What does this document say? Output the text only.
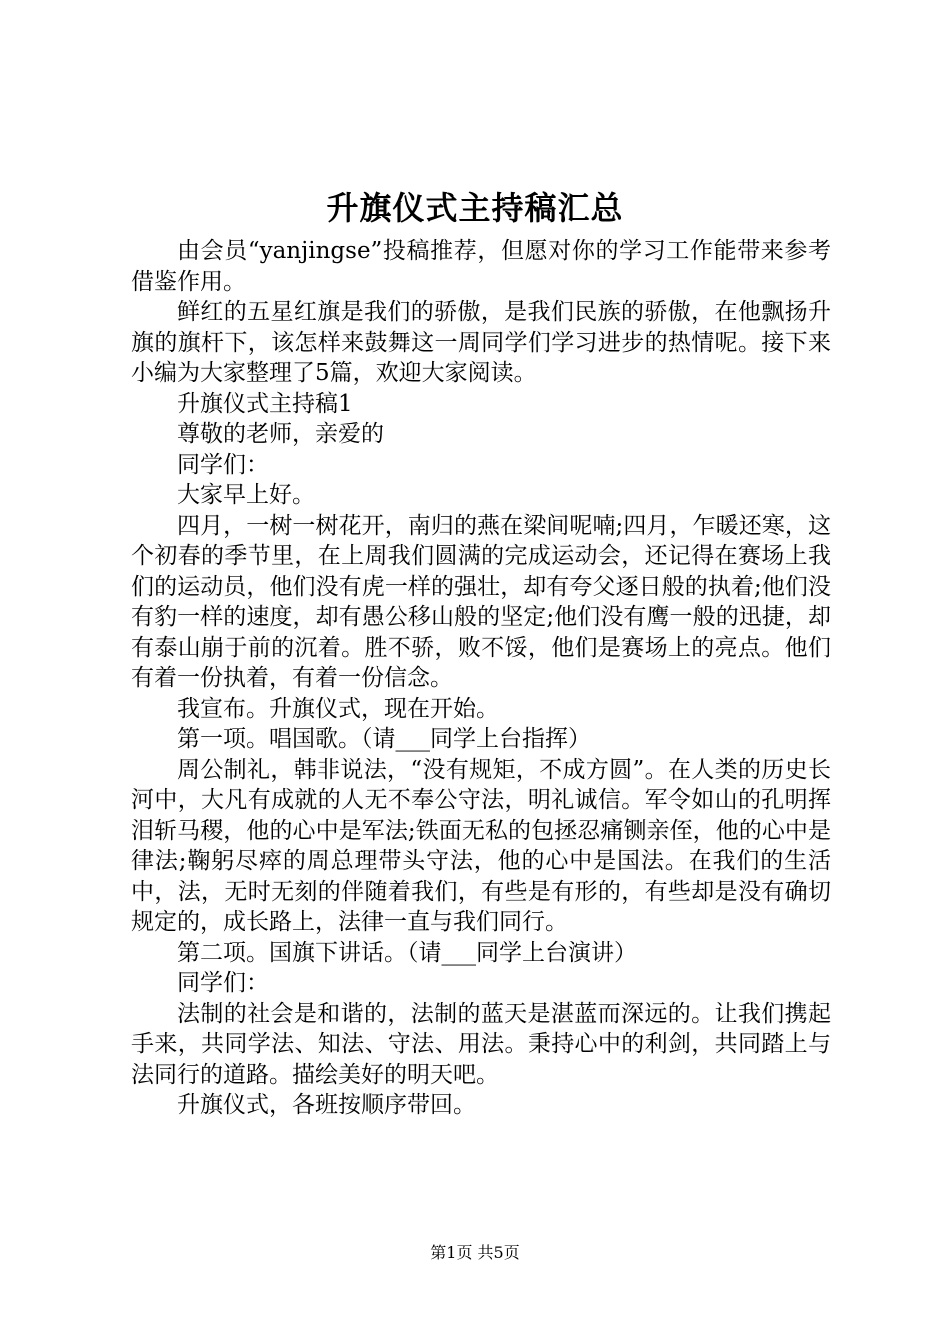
升旗仪式主持稿汇总

由会员“yanjingse”投稿推荐，但愿对你的学习工作能带来参考借鉴作用。

鲜红的五星红旗是我们的骄傲，是我们民族的骄傲，在他飘扬升旗的旗杆下，该怎样来鼓舞这一周同学们学习进步的热情呢。接下来小编为大家整理了5篇，欢迎大家阅读。

升旗仪式主持稿1

尊敬的老师，亲爱的

同学们：

大家早上好。

四月，一树一树花开，南归的燕在梁间呢喃;四月，乍暖还寒，这个初春的季节里，在上周我们圆满的完成运动会，还记得在赛场上我们的运动员，他们没有虎一样的强壮，却有夸父逐日般的执着;他们没有豹一样的速度，却有愚公移山般的坚定;他们没有鹰一般的迅捷，却有泰山崩于前的沉着。胜不骄，败不馁，他们是赛场上的亮点。他们有着一份执着，有着一份信念。

我宣布。升旗仪式，现在开始。

第一项。唱国歌。（请___同学上台指挥）

周公制礼，韩非说法，“没有规矩，不成方圆”。在人类的历史长河中，大凡有成就的人无不奉公守法，明礼诚信。军令如山的孔明挥泪斩马稷，他的心中是军法;铁面无私的包拯忍痛铡亲侄，他的心中是律法;鞠躬尽瘁的周总理带头守法，他的心中是国法。在我们的生活中，法，无时无刻的伴随着我们，有些是有形的，有些却是没有确切规定的，成长路上，法律一直与我们同行。

第二项。国旗下讲话。（请___同学上台演讲）

同学们：

法制的社会是和谐的，法制的蓝天是湛蓝而深远的。让我们携起手来，共同学法、知法、守法、用法。秉持心中的利剑，共同踏上与法同行的道路。描绘美好的明天吧。

升旗仪式，各班按顺序带回。

第1页 共5页
